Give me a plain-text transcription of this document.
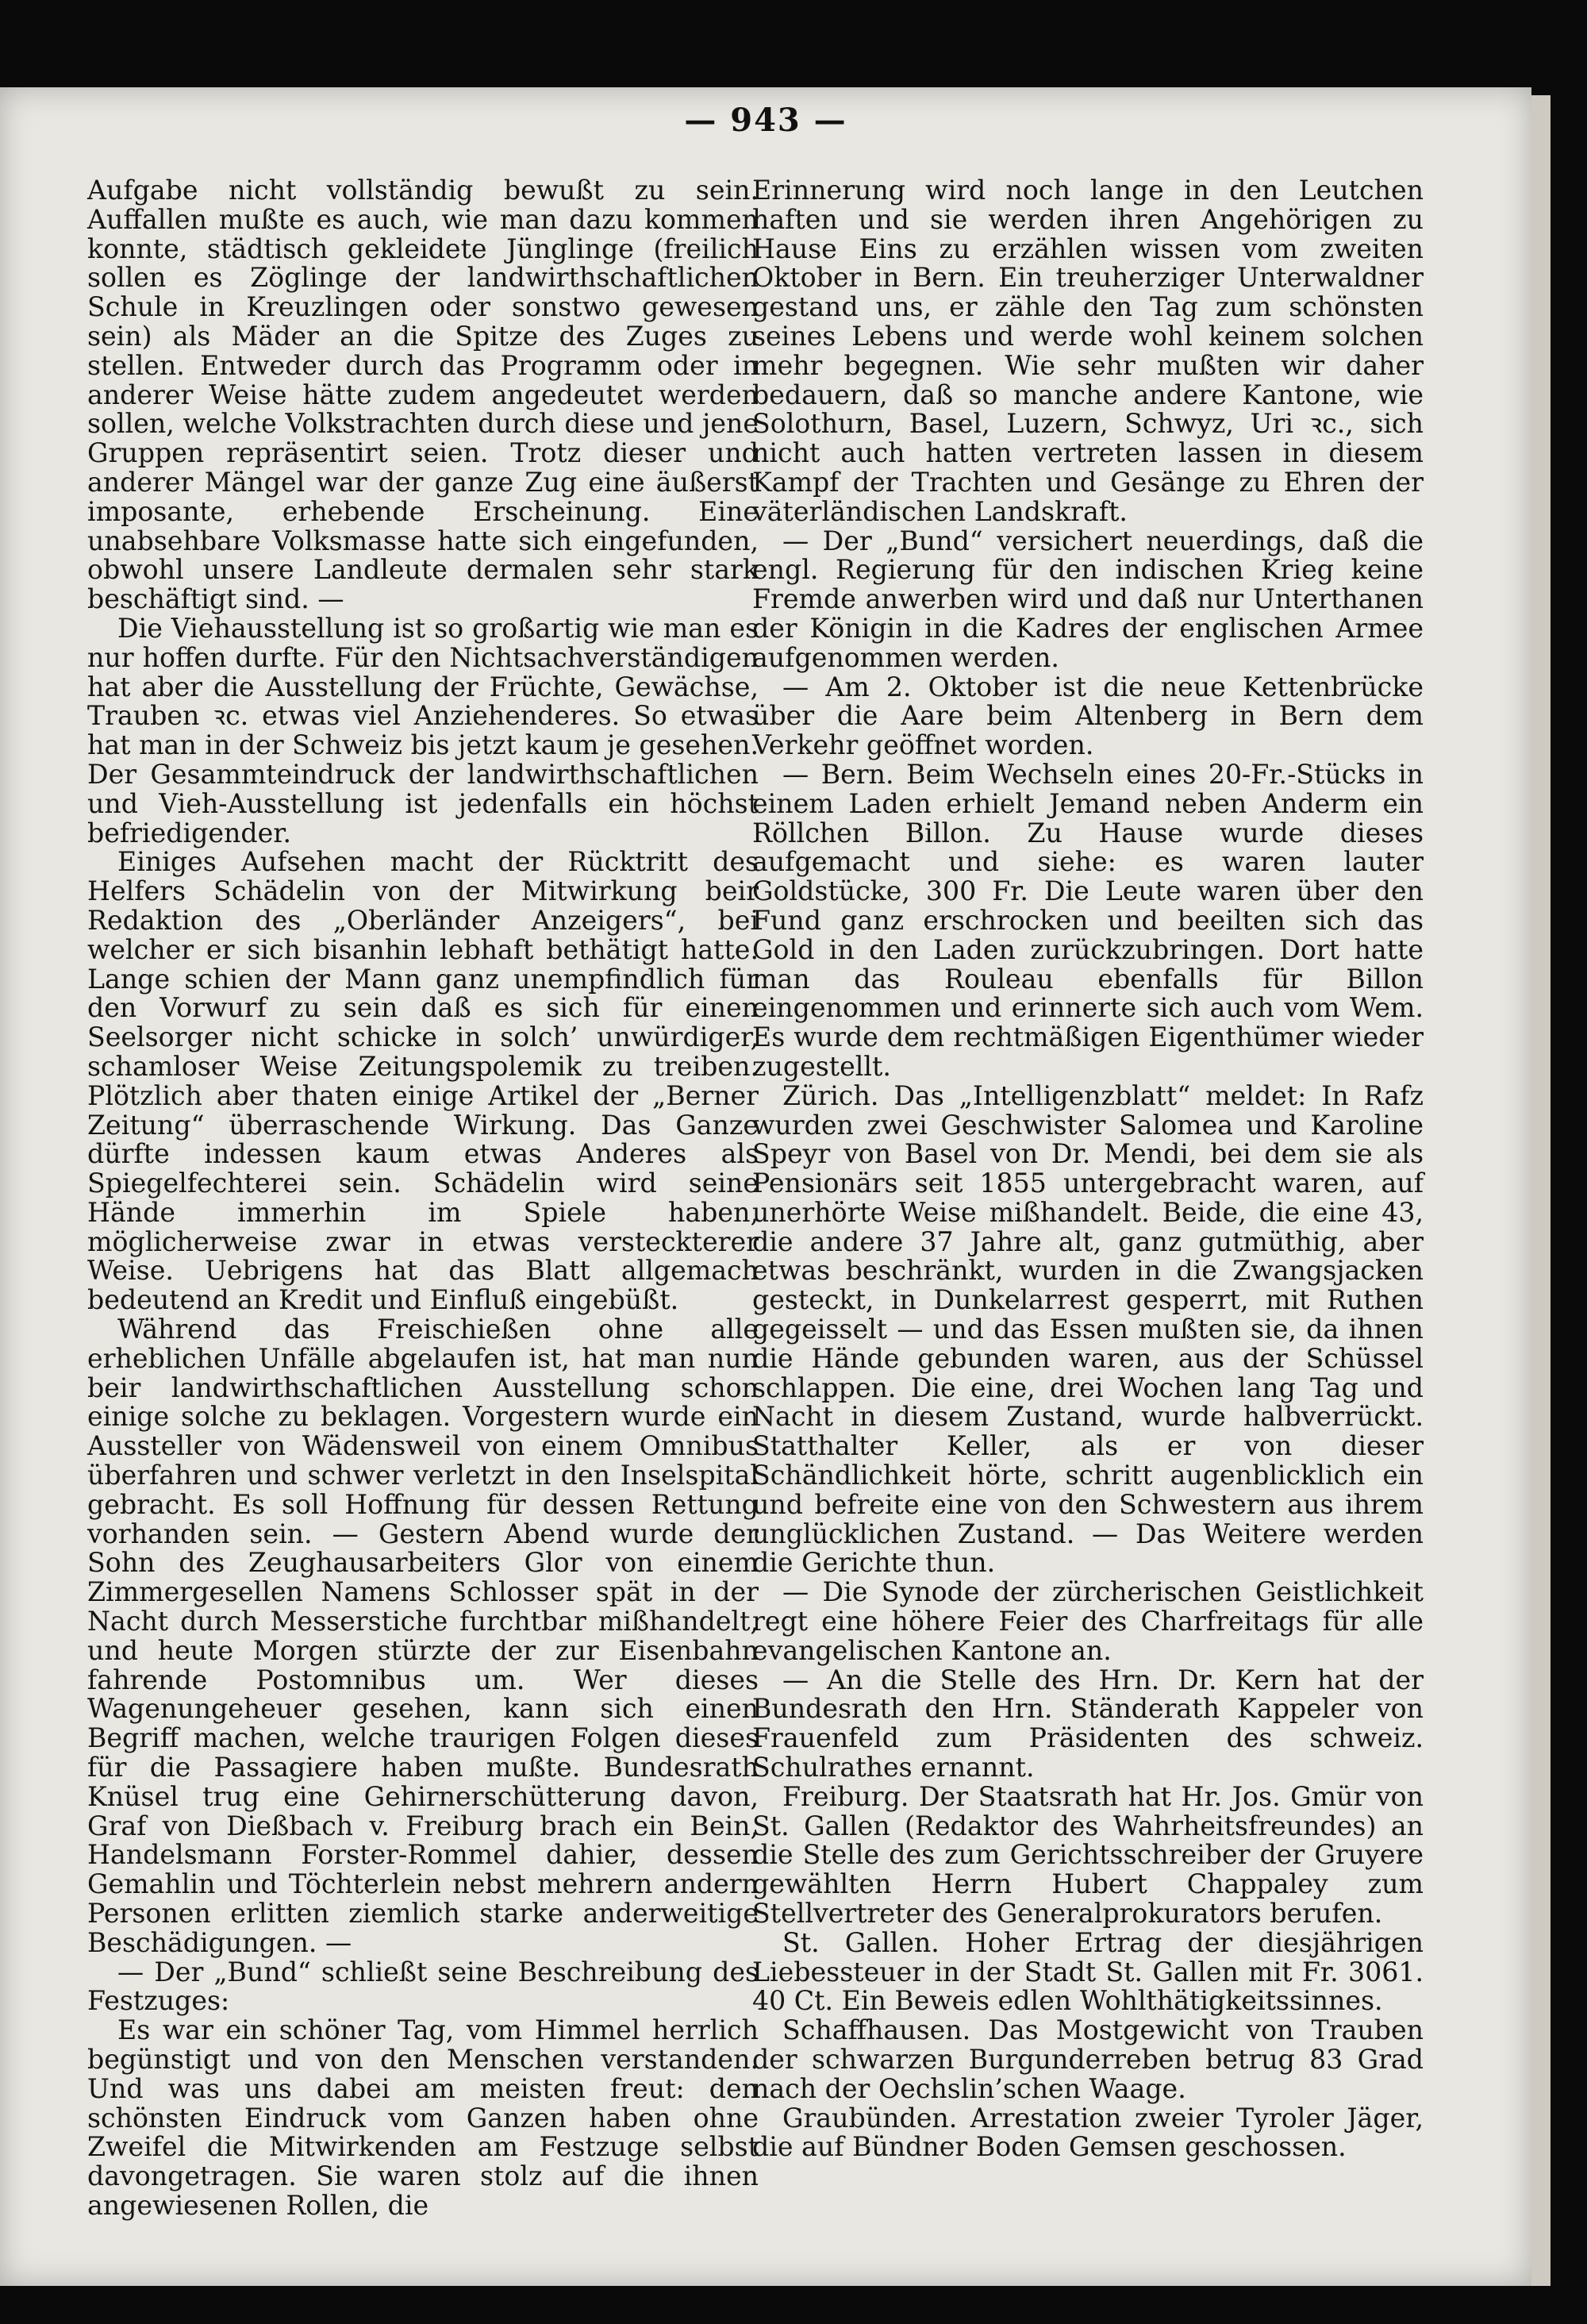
— 943 —

Aufgabe nicht vollständig bewußt zu sein. Auffallen mußte es auch, wie man dazu kommen konnte, städtisch gekleidete Jünglinge (freilich sollen es Zöglinge der landwirthschaftlichen Schule in Kreuzlingen oder sonstwo gewesen sein) als Mäder an die Spitze des Zuges zu stellen. Entweder durch das Programm oder in anderer Weise hätte zudem angedeutet werden sollen, welche Volkstrachten durch diese und jene Gruppen repräsentirt seien. Trotz dieser und anderer Mängel war der ganze Zug eine äußerst imposante, erhebende Erscheinung. Eine unabsehbare Volksmasse hatte sich eingefunden, obwohl unsere Landleute dermalen sehr stark beschäftigt sind. —

Die Viehausstellung ist so großartig wie man es nur hoffen durfte. Für den Nichtsachverständigen hat aber die Ausstellung der Früchte, Gewächse, Trauben ꝛc. etwas viel Anziehenderes. So etwas hat man in der Schweiz bis jetzt kaum je gesehen. Der Gesammteindruck der landwirthschaftlichen und Vieh-Ausstellung ist jedenfalls ein höchst befriedigender.

Einiges Aufsehen macht der Rücktritt des Helfers Schädelin von der Mitwirkung beir Redaktion des „Oberländer Anzeigers“, bei welcher er sich bisanhin lebhaft bethätigt hatte. Lange schien der Mann ganz unempfindlich für den Vorwurf zu sein daß es sich für einen Seelsorger nicht schicke in solch’ unwürdiger, schamloser Weise Zeitungspolemik zu treiben. Plötzlich aber thaten einige Artikel der „Berner Zeitung“ überraschende Wirkung. Das Ganze dürfte indessen kaum etwas Anderes als Spiegelfechterei sein. Schädelin wird seine Hände immerhin im Spiele haben, möglicherweise zwar in etwas versteckterer Weise. Uebrigens hat das Blatt allgemach bedeutend an Kredit und Einfluß eingebüßt.

Während das Freischießen ohne alle erheblichen Unfälle abgelaufen ist, hat man nun beir landwirthschaftlichen Ausstellung schon einige solche zu beklagen. Vorgestern wurde ein Aussteller von Wädensweil von einem Omnibus überfahren und schwer verletzt in den Inselspital gebracht. Es soll Hoffnung für dessen Rettung vorhanden sein. — Gestern Abend wurde der Sohn des Zeughausarbeiters Glor von einem Zimmergesellen Namens Schlosser spät in der Nacht durch Messerstiche furchtbar mißhandelt, und heute Morgen stürzte der zur Eisenbahn fahrende Postomnibus um. Wer dieses Wagenungeheuer gesehen, kann sich einen Begriff machen, welche traurigen Folgen dieses für die Passagiere haben mußte. Bundesrath Knüsel trug eine Gehirnerschütterung davon, Graf von Dießbach v. Freiburg brach ein Bein, Handelsmann Forster-Rommel dahier, dessen Gemahlin und Töchterlein nebst mehrern andern Personen erlitten ziemlich starke anderweitige Beschädigungen. —

— Der „Bund“ schließt seine Beschreibung des Festzuges:

Es war ein schöner Tag, vom Himmel herrlich begünstigt und von den Menschen verstanden. Und was uns dabei am meisten freut: den schönsten Eindruck vom Ganzen haben ohne Zweifel die Mitwirkenden am Festzuge selbst davongetragen. Sie waren stolz auf die ihnen angewiesenen Rollen, die

Erinnerung wird noch lange in den Leutchen haften und sie werden ihren Angehörigen zu Hause Eins zu erzählen wissen vom zweiten Oktober in Bern. Ein treuherziger Unterwaldner gestand uns, er zähle den Tag zum schönsten seines Lebens und werde wohl keinem solchen mehr begegnen. Wie sehr mußten wir daher bedauern, daß so manche andere Kantone, wie Solothurn, Basel, Luzern, Schwyz, Uri ꝛc., sich nicht auch hatten vertreten lassen in diesem Kampf der Trachten und Gesänge zu Ehren der väterländischen Landskraft.

— Der „Bund“ versichert neuerdings, daß die engl. Regierung für den indischen Krieg keine Fremde anwerben wird und daß nur Unterthanen der Königin in die Kadres der englischen Armee aufgenommen werden.

— Am 2. Oktober ist die neue Kettenbrücke über die Aare beim Altenberg in Bern dem Verkehr geöffnet worden.

— Bern. Beim Wechseln eines 20-Fr.-Stücks in einem Laden erhielt Jemand neben Anderm ein Röllchen Billon. Zu Hause wurde dieses aufgemacht und siehe: es waren lauter Goldstücke, 300 Fr. Die Leute waren über den Fund ganz erschrocken und beeilten sich das Gold in den Laden zurückzubringen. Dort hatte man das Rouleau ebenfalls für Billon eingenommen und erinnerte sich auch vom Wem. Es wurde dem rechtmäßigen Eigenthümer wieder zugestellt.

Zürich. Das „Intelligenzblatt“ meldet: In Rafz wurden zwei Geschwister Salomea und Karoline Speyr von Basel von Dr. Mendi, bei dem sie als Pensionärs seit 1855 untergebracht waren, auf unerhörte Weise mißhandelt. Beide, die eine 43, die andere 37 Jahre alt, ganz gutmüthig, aber etwas beschränkt, wurden in die Zwangsjacken gesteckt, in Dunkelarrest gesperrt, mit Ruthen gegeisselt — und das Essen mußten sie, da ihnen die Hände gebunden waren, aus der Schüssel schlappen. Die eine, drei Wochen lang Tag und Nacht in diesem Zustand, wurde halbverrückt. Statthalter Keller, als er von dieser Schändlichkeit hörte, schritt augenblicklich ein und befreite eine von den Schwestern aus ihrem unglücklichen Zustand. — Das Weitere werden die Gerichte thun.

— Die Synode der zürcherischen Geistlichkeit regt eine höhere Feier des Charfreitags für alle evangelischen Kantone an.

— An die Stelle des Hrn. Dr. Kern hat der Bundesrath den Hrn. Ständerath Kappeler von Frauenfeld zum Präsidenten des schweiz. Schulrathes ernannt.

Freiburg. Der Staatsrath hat Hr. Jos. Gmür von St. Gallen (Redaktor des Wahrheitsfreundes) an die Stelle des zum Gerichtsschreiber der Gruyere gewählten Herrn Hubert Chappaley zum Stellvertreter des Generalprokurators berufen.

St. Gallen. Hoher Ertrag der diesjährigen Liebessteuer in der Stadt St. Gallen mit Fr. 3061. 40 Ct. Ein Beweis edlen Wohlthätigkeitssinnes.

Schaffhausen. Das Mostgewicht von Trauben der schwarzen Burgunderreben betrug 83 Grad nach der Oechslin’schen Waage.

Graubünden. Arrestation zweier Tyroler Jäger, die auf Bündner Boden Gemsen geschossen.
